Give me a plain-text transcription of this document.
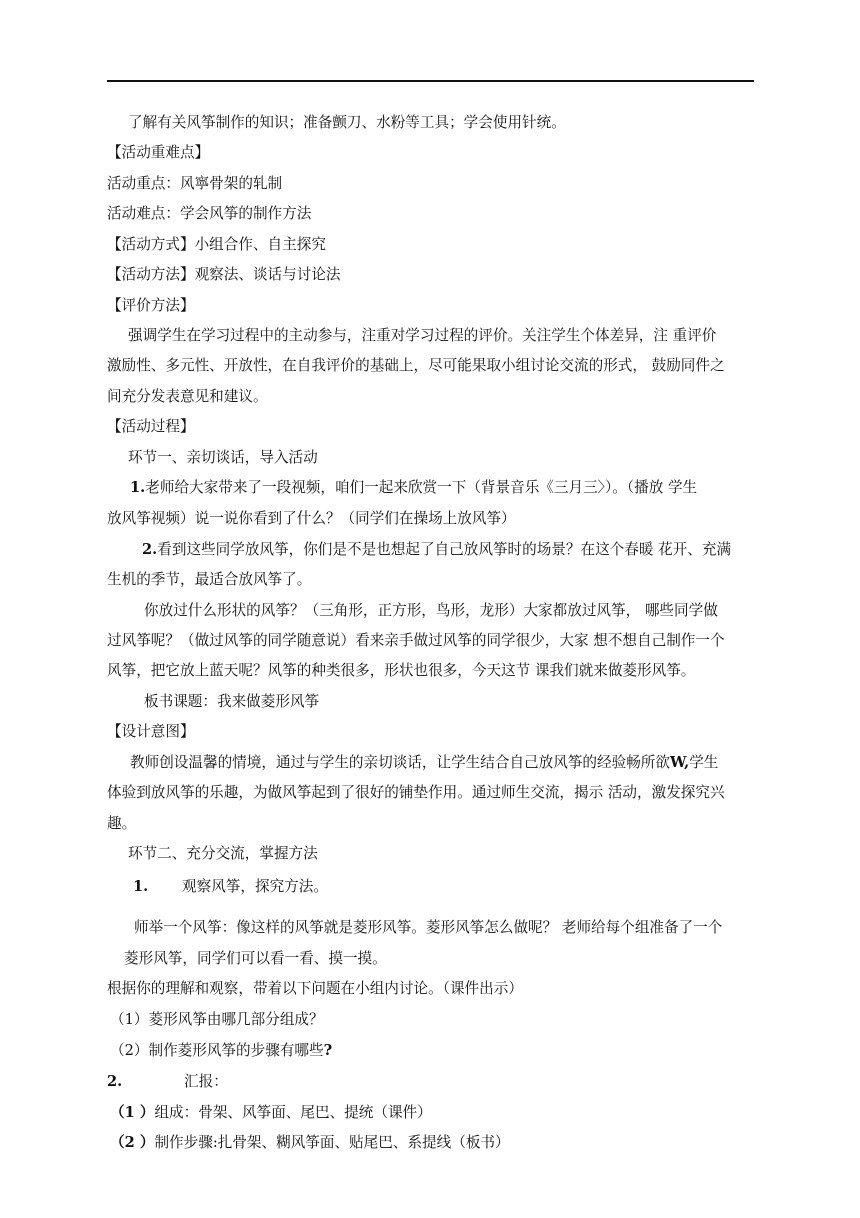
了解有关风筝制作的知识；准备颤刀、水粉等工具；学会使用针统。
【活动重难点】
活动重点：风寧骨架的轧制
活动难点：学会风筝的制作方法
【活动方式】小组合作、自主探究
【活动方法】观察法、谈话与讨论法
【评价方法】
强调学生在学习过程中的主动参与，注重对学习过程的评价。关注学生个体差异，注 重评价
激励性、多元性、开放性，在自我评价的基础上，尽可能果取小组讨论交流的形式， 鼓励同件之
间充分发表意见和建议。
【活动过程】
环节一、亲切谈话，导入活动
1.老师给大家带来了一段视频，咱们一起来欣赏一下（背景音乐《三月三〉）。（播放 学生
放风筝视频）说一说你看到了什么？（同学们在操场上放风筝）
2.看到这些同学放风筝，你们是不是也想起了自己放风筝时的场景？在这个春暖 花开、充满
生机的季节，最适合放风筝了。
你放过什么形状的风筝？（三角形，正方形，鸟形，龙形）大家都放过风筝， 哪些同学做
过风筝呢？（做过风筝的同学随意说）看来亲手做过风筝的同学很少，大家 想不想自己制作一个
风筝，把它放上蓝天呢？风筝的种类很多，形状也很多，今天这节 课我们就来做菱形风筝。
板书课题：我来做菱形风筝
【设计意图】
教师创设温馨的情境，通过与学生的亲切谈话，让学生结合自己放风筝的经验畅所欲W,学生
体验到放风筝的乐趣，为做风筝起到了很好的铺垫作用。通过师生交流，揭示 活动，激发探究兴
趣。
环节二、充分交流，掌握方法
1.	观察风筝，探究方法。
师举一个风筝：像这样的风筝就是菱形风筝。菱形风筝怎么做呢？ 老师给每个组准备了一个
菱形风筝，同学们可以看一看、摸一摸。
根据你的理解和观察，带着以下问题在小组内讨论。（课件出示）
（1）菱形风筝由哪几部分组成？
（2）制作菱形风筝的步骤有哪些?
2.	汇报：
（1 ）组成：骨架、风筝面、尾巴、提统（课件）
（2 ）制作步骤:扎骨架、糊风筝面、贴尾巴、系提线（板书）
